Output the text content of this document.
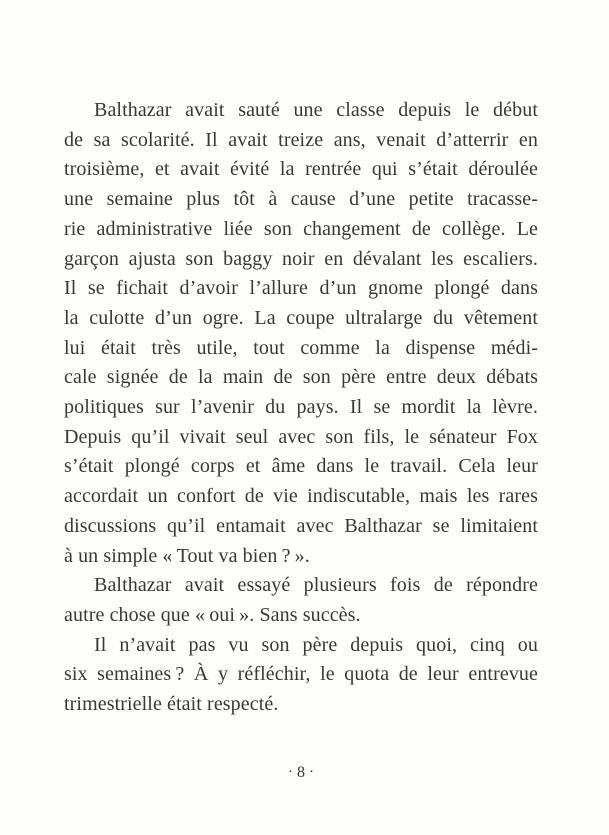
Balthazar avait sauté une classe depuis le début
de sa scolarité. Il avait treize ans, venait d’atterrir en
troisième, et avait évité la rentrée qui s’était déroulée
une semaine plus tôt à cause d’une petite tracasse-
rie administrative liée son changement de collège. Le
garçon ajusta son baggy noir en dévalant les escaliers.
Il se fichait d’avoir l’allure d’un gnome plongé dans
la culotte d’un ogre. La coupe ultralarge du vêtement
lui était très utile, tout comme la dispense médi-
cale signée de la main de son père entre deux débats
politiques sur l’avenir du pays. Il se mordit la lèvre.
Depuis qu’il vivait seul avec son fils, le sénateur Fox
s’était plongé corps et âme dans le travail. Cela leur
accordait un confort de vie indiscutable, mais les rares
discussions qu’il entamait avec Balthazar se limitaient
à un simple « Tout va bien ? ».
Balthazar avait essayé plusieurs fois de répondre
autre chose que « oui ». Sans succès.
Il n’avait pas vu son père depuis quoi, cinq ou
six semaines ? À y réfléchir, le quota de leur entrevue
trimestrielle était respecté.
· 8 ·
